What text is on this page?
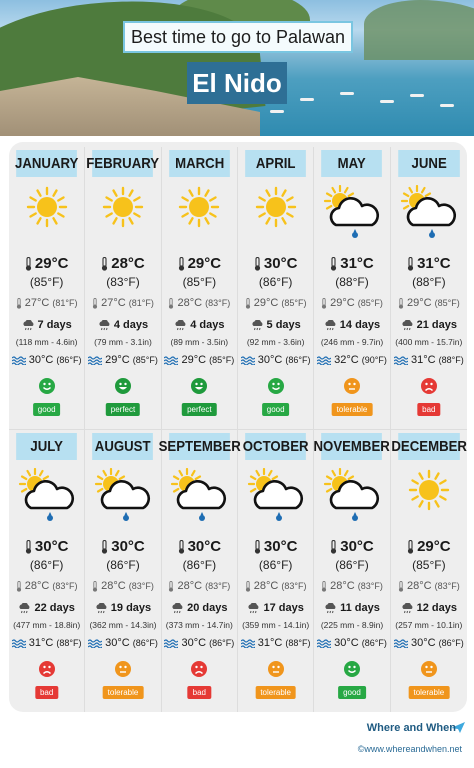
Best time to go to Palawan
El Nido
JANUARY
29°C
(85°F)
27°C (81°F)
7 days
(118 mm - 4.6in)
30°C (86°F)
good
FEBRUARY
28°C
(83°F)
27°C (81°F)
4 days
(79 mm - 3.1in)
29°C (85°F)
perfect
MARCH
29°C
(85°F)
28°C (83°F)
4 days
(89 mm - 3.5in)
29°C (85°F)
perfect
APRIL
30°C
(86°F)
29°C (85°F)
5 days
(92 mm - 3.6in)
30°C (86°F)
good
MAY
31°C
(88°F)
29°C (85°F)
14 days
(246 mm - 9.7in)
32°C (90°F)
tolerable
JUNE
31°C
(88°F)
29°C (85°F)
21 days
(400 mm - 15.7in)
31°C (88°F)
bad
JULY
30°C
(86°F)
28°C (83°F)
22 days
(477 mm - 18.8in)
31°C (88°F)
bad
AUGUST
30°C
(86°F)
28°C (83°F)
19 days
(362 mm - 14.3in)
30°C (86°F)
tolerable
SEPTEMBER
30°C
(86°F)
28°C (83°F)
20 days
(373 mm - 14.7in)
30°C (86°F)
bad
OCTOBER
30°C
(86°F)
28°C (83°F)
17 days
(359 mm - 14.1in)
31°C (88°F)
tolerable
NOVEMBER
30°C
(86°F)
28°C (83°F)
11 days
(225 mm - 8.9in)
30°C (86°F)
good
DECEMBER
29°C
(85°F)
28°C (83°F)
12 days
(257 mm - 10.1in)
30°C (86°F)
tolerable
Where and When
©www.whereandwhen.net
